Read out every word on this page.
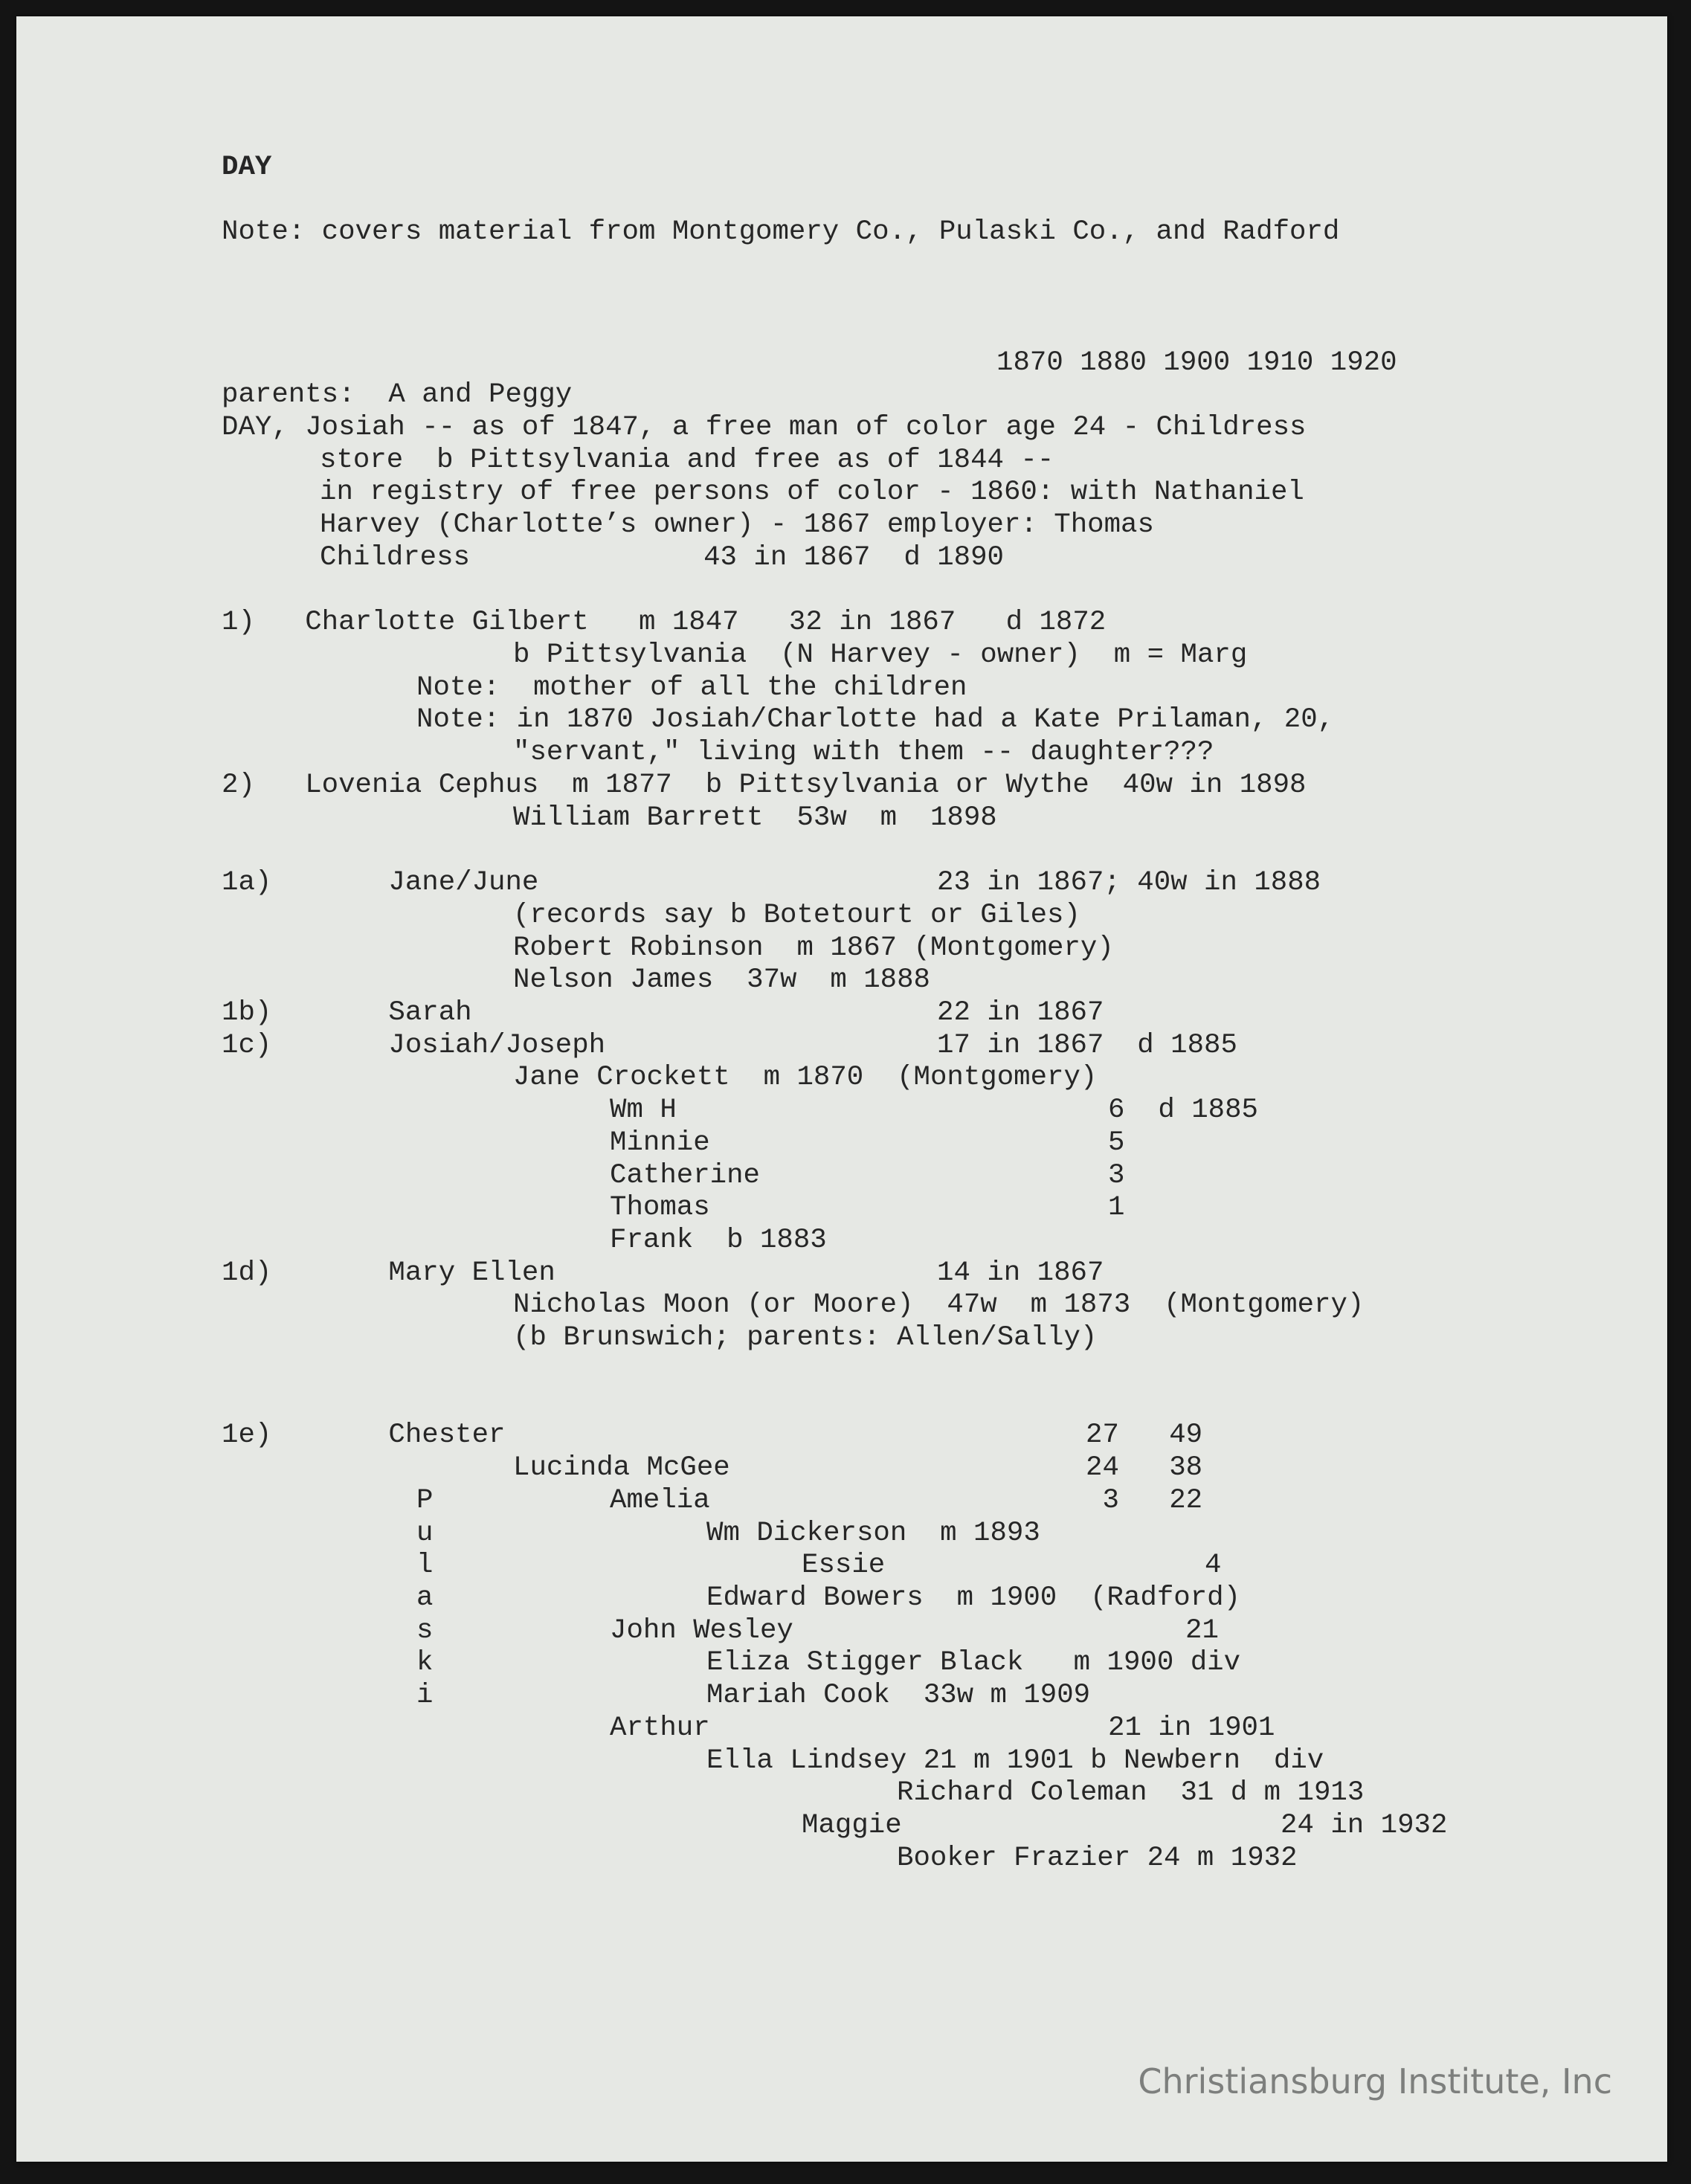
DAY
Note: covers material from Montgomery Co., Pulaski Co., and Radford
1870 1880 1900 1910 1920
parents:  A and Peggy
DAY, Josiah -- as of 1847, a free man of color age 24 - Childress
store  b Pittsylvania and free as of 1844 --
in registry of free persons of color - 1860: with Nathaniel
Harvey (Charlotte’s owner) - 1867 employer: Thomas
Childress              43 in 1867  d 1890
1)   Charlotte Gilbert   m 1847   32 in 1867   d 1872
b Pittsylvania  (N Harvey - owner)  m = Marg
Note:  mother of all the children
Note: in 1870 Josiah/Charlotte had a Kate Prilaman, 20,
"servant," living with them -- daughter???
2)   Lovenia Cephus  m 1877  b Pittsylvania or Wythe  40w in 1898
William Barrett  53w  m  1898
1a)       Jane/June	23 in 1867; 40w in 1888
(records say b Botetourt or Giles)
Robert Robinson  m 1867 (Montgomery)
Nelson James  37w  m 1888
1b)       Sarah	22 in 1867
1c)       Josiah/Joseph	17 in 1867  d 1885
Jane Crockett  m 1870  (Montgomery)
Wm H	6  d 1885
Minnie	5
Catherine	3
Thomas	1
Frank  b 1883
1d)       Mary Ellen	14 in 1867
Nicholas Moon (or Moore)  47w  m 1873  (Montgomery)
(b Brunswich; parents: Allen/Sally)
1e)       Chester	27   49
Lucinda McGee	24   38
P	Amelia	3   22
u	Wm Dickerson  m 1893
l	Essie	4
a	Edward Bowers  m 1900  (Radford)
s	John Wesley	21
k	Eliza Stigger Black   m 1900 div
i	Mariah Cook  33w m 1909
Arthur	21 in 1901
Ella Lindsey 21 m 1901 b Newbern  div
Richard Coleman  31 d m 1913
Maggie	24 in 1932
Booker Frazier 24 m 1932
Christiansburg Institute, Inc
